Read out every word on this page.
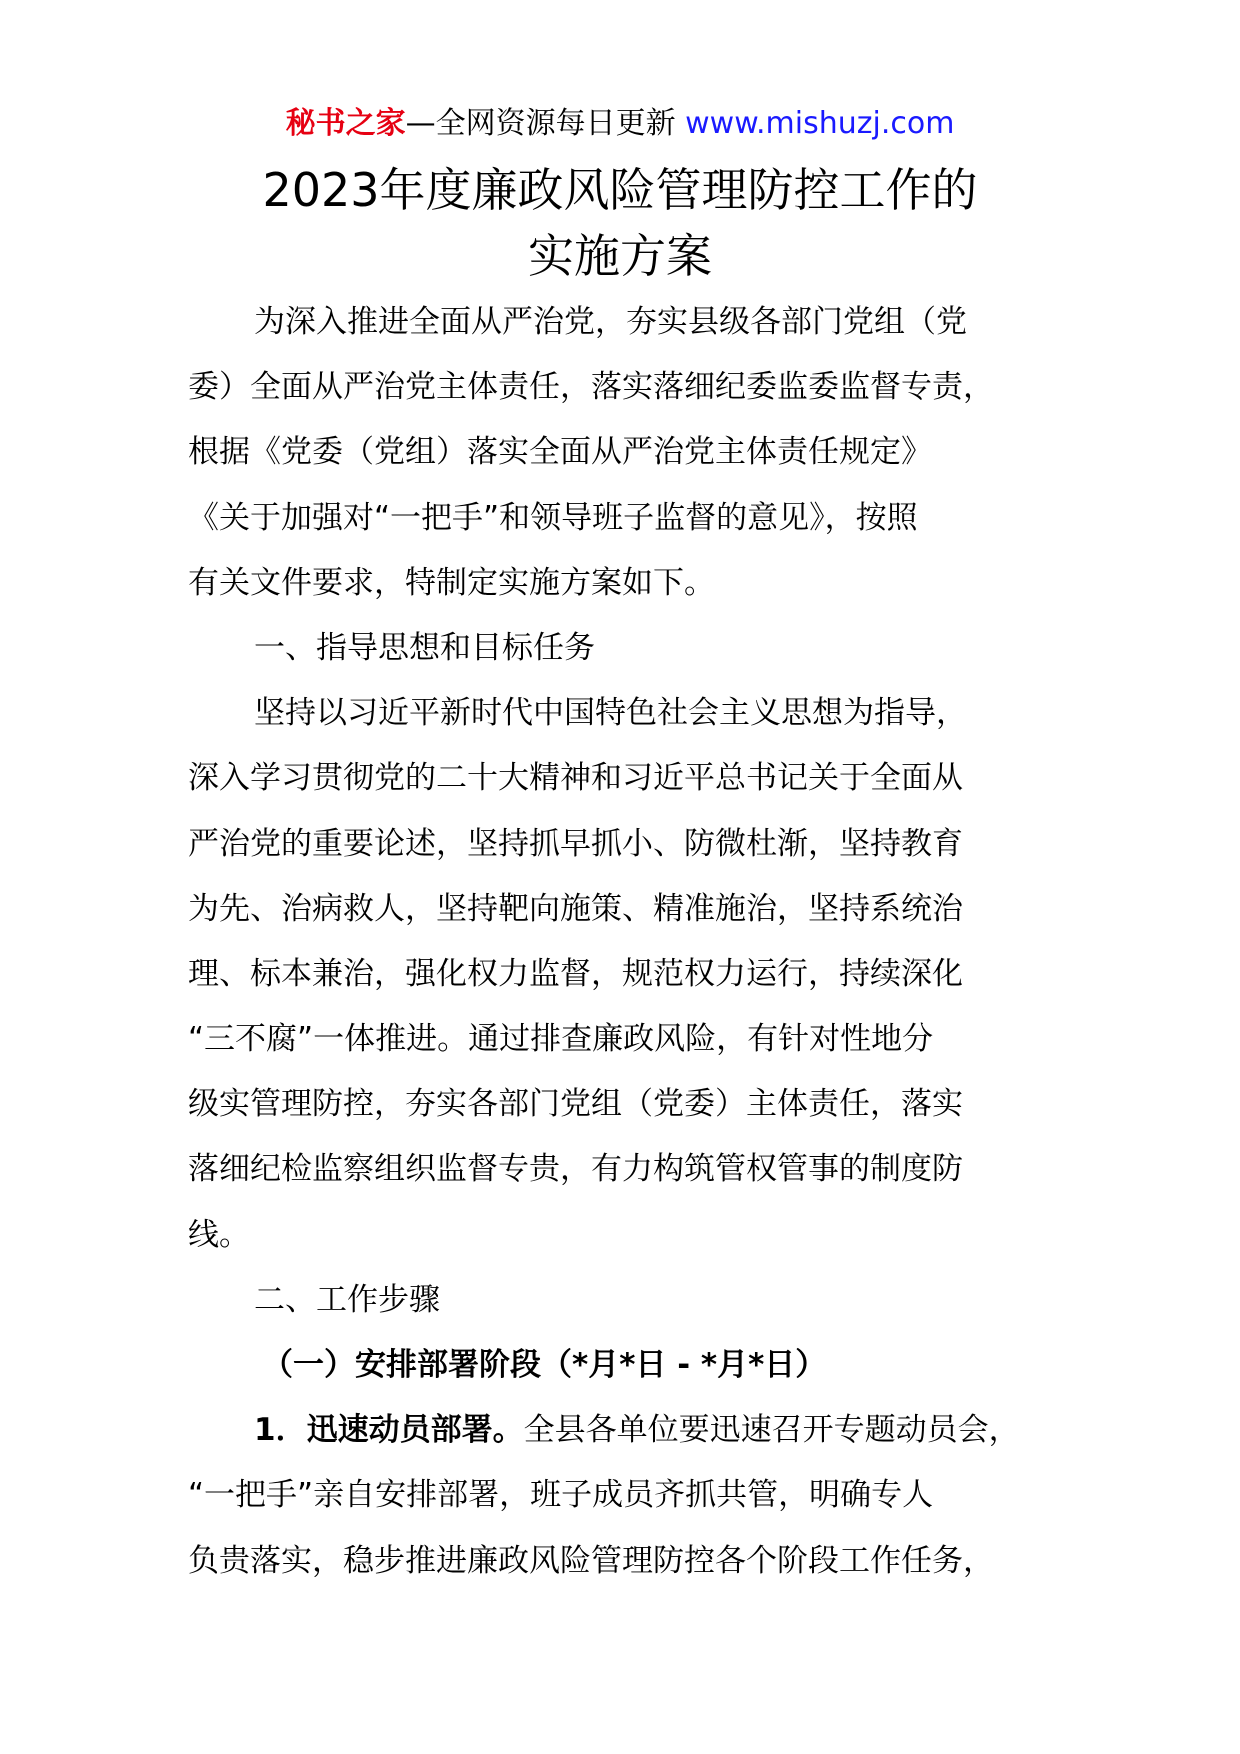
秘书之家—全网资源每日更新 www.mishuzj.com
2023年度廉政风险管理防控工作的
实施方案
为深入推进全面从严治党，夯实县级各部门党组（党
委）全面从严治党主体责任，落实落细纪委监委监督专责，
根据《党委（党组）落实全面从严治党主体责任规定》
《关于加强对“一把手”和领导班子监督的意见》，按照
有关文件要求，特制定实施方案如下。
一、指导思想和目标任务
坚持以习近平新时代中国特色社会主义思想为指导，
深入学习贯彻党的二十大精神和习近平总书记关于全面从
严治党的重要论述，坚持抓早抓小、防微杜渐，坚持教育
为先、治病救人，坚持靶向施策、精准施治，坚持系统治
理、标本兼治，强化权力监督，规范权力运行，持续深化
“三不腐”一体推进。通过排查廉政风险，有针对性地分
级实管理防控，夯实各部门党组（党委）主体责任，落实
落细纪检监察组织监督专贵，有力构筑管权管事的制度防
线。
二、工作步骤
（一）安排部署阶段（*月*日 - *月*日）
1．迅速动员部署。全县各单位要迅速召开专题动员会，
“一把手”亲自安排部署，班子成员齐抓共管，明确专人
负贵落实，稳步推进廉政风险管理防控各个阶段工作任务，
